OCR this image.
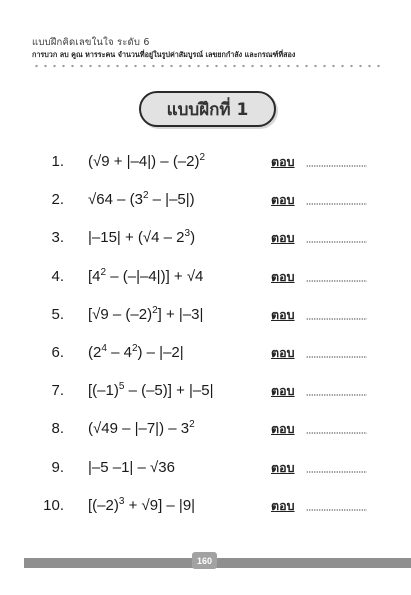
แบบฝึกคิดเลขในใจ ระดับ 6
การบวก ลบ คูณ หารระคน จำนวนที่อยู่ในรูปค่าสัมบูรณ์ เลขยกกำลัง และกรณฑ์ที่สอง
แบบฝึกที่ 1
1. $(√9 + |-4|) - (-2)^2$	ตอบ
2. $√64 - (3^2 - |-5|)$	ตอบ
3. $|-15| + (√4 - 2^3)$	ตอบ
4. $[4^2 - (-|-4|)] + √4$	ตอบ
5. $[√9 - (-2)^2] + |-3|$	ตอบ
6. $(2^4 - 4^2) - |-2|$	ตอบ
7. $[(-1)^5 - (-5)] + |-5|$	ตอบ
8. $(√49 - |-7|) - 3^2$	ตอบ
9. |–5 –1| – √36	ตอบ
10. $[(-2)^3 + √9] - |9|$	ตอบ
160
